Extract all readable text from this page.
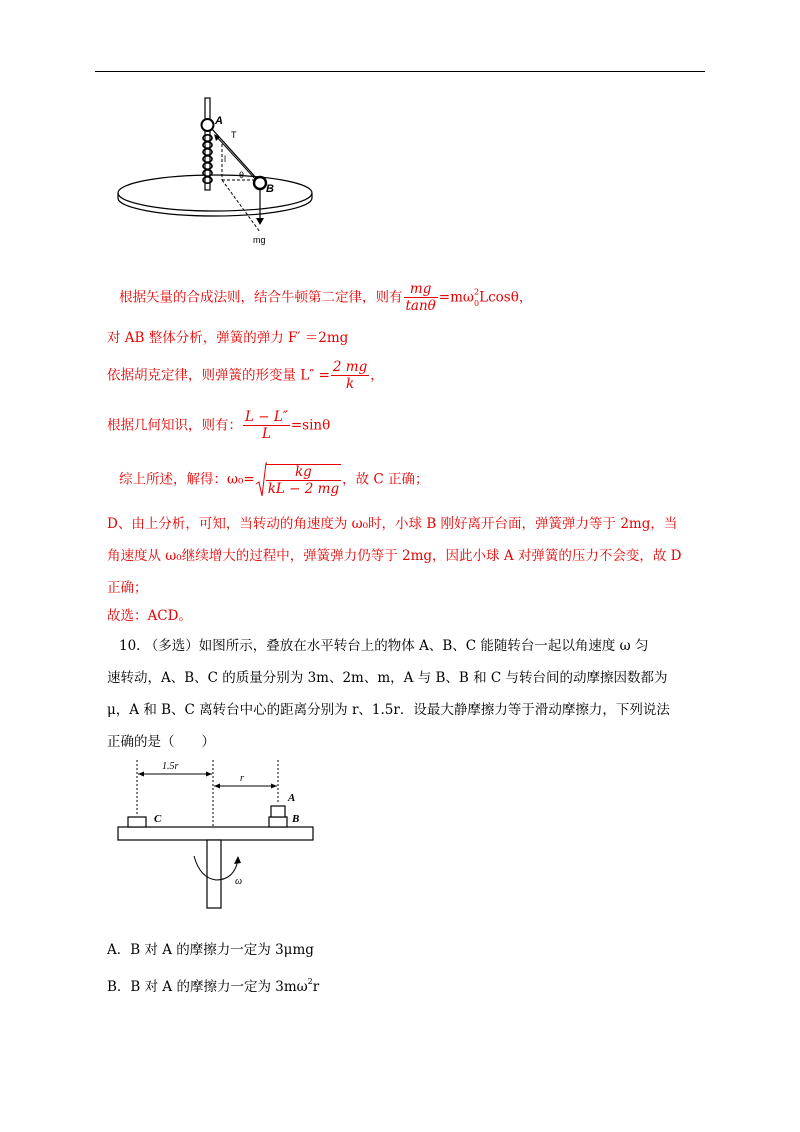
A
B
T
l
θ
mg
根据矢量的合成法则，结合牛顿第二定律，则有 $\frac{mg}{\tan\theta} =m\omega^2_0Lcos\theta$，
对 AB 整体分析，弹簧的弹力 F′ ＝2mg
依据胡克定律，则弹簧的形变量 $L'' = \frac{2 mg}{k}$ ，
根据几何知识，则有： $\frac{L - L''}{L} =\sin\theta$
综上所述，解得：$\omega_0= \frac{kg}{kL - 2 mg}$ ，故 C 正确；
D、由上分析，可知，当转动的角速度为 ω₀时，小球 B 刚好离开台面，弹簧弹力等于 2mg，当
角速度从 ω₀继续增大的过程中，弹簧弹力仍等于 2mg，因此小球 A 对弹簧的压力不会变，故 D
正确；
故选：ACD。
10. （多选）如图所示，叠放在水平转台上的物体 A、B、C 能随转台一起以角速度 ω 匀
速转动，A、B、C 的质量分别为 3m、2m、m，A 与 B、B 和 C 与转台间的动摩擦因数都为
μ，A 和 B、C 离转台中心的距离分别为 r、1.5r．设最大静摩擦力等于滑动摩擦力，下列说法
正确的是（　　）
1.5r
r
ω
C
A
B
A．B 对 A 的摩擦力一定为 3μmg
B．B 对 A 的摩擦力一定为 $3m\omega^2r$
